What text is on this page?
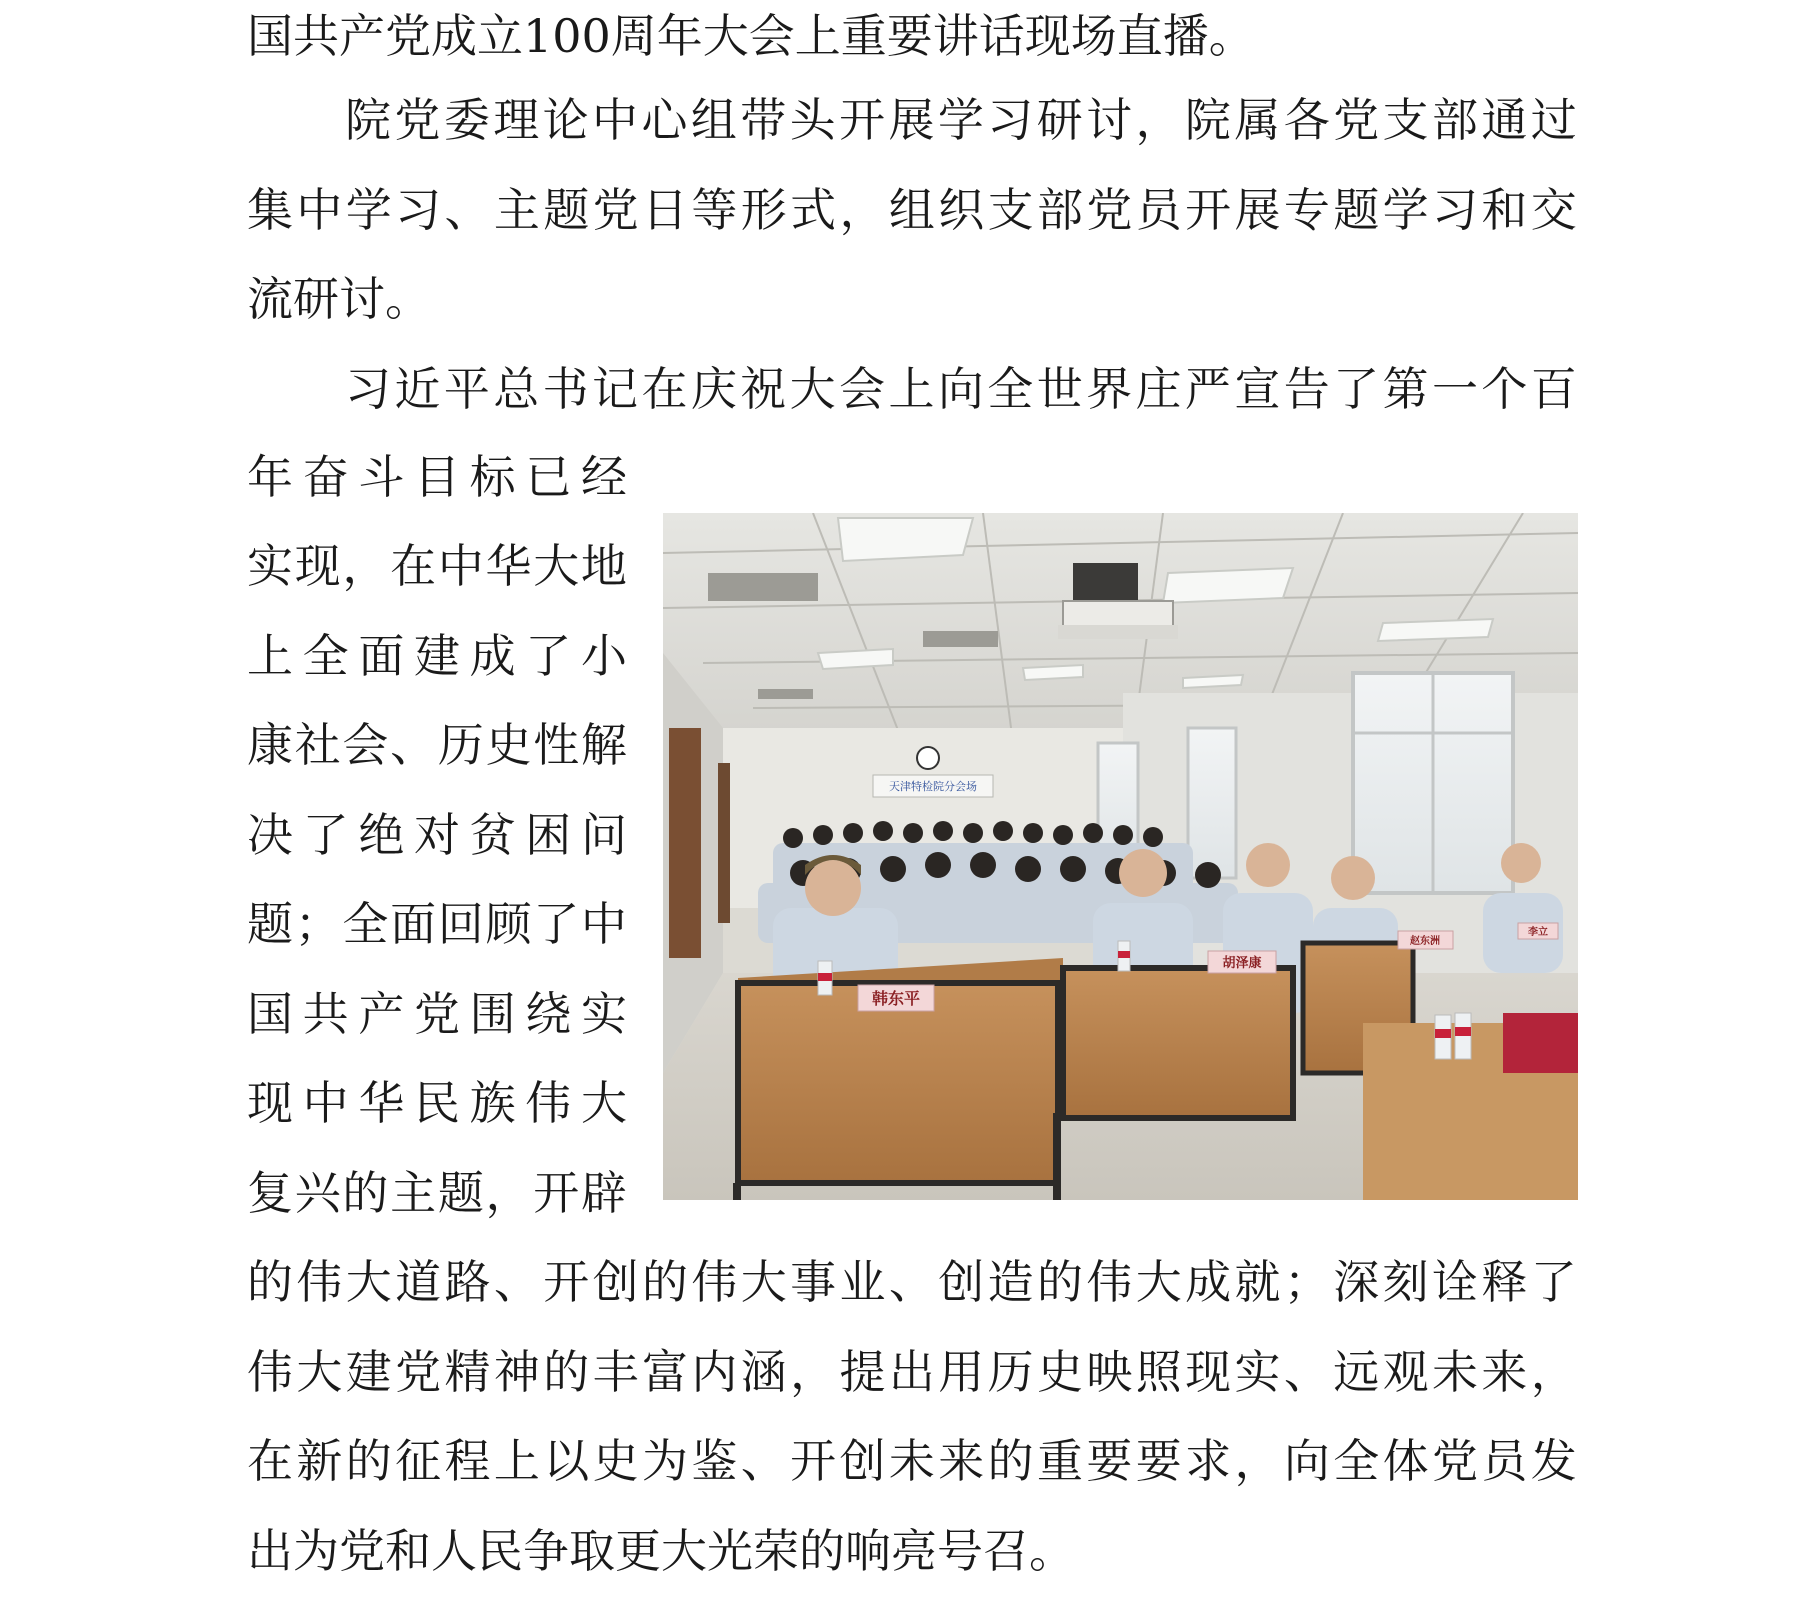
国共产党成立100周年大会上重要讲话现场直播。
院 党 委 理 论 中 心 组 带 头 开 展 学 习 研 讨 ， 院 属 各 党 支 部 通 过
集 中 学 习 、 主 题 党 日 等 形 式 ， 组 织 支 部 党 员 开 展 专 题 学 习 和 交
流研讨。
习 近 平 总 书 记 在 庆 祝 大 会 上 向 全 世 界 庄 严 宣 告 了 第 一 个 百
年 奋 斗 目 标 已 经
实 现 ， 在 中 华 大 地
上 全 面 建 成 了 小
康 社 会 、 历 史 性 解
决 了 绝 对 贫 困 问
题 ； 全 面 回 顾 了 中
国 共 产 党 围 绕 实
现 中 华 民 族 伟 大
复 兴 的 主 题 ， 开 辟
的 伟 大 道 路 、 开 创 的 伟 大 事 业 、 创 造 的 伟 大 成 就 ； 深 刻 诠 释 了
伟 大 建 党 精 神 的 丰 富 内 涵 ， 提 出 用 历 史 映 照 现 实 、 远 观 未 来 ，
在 新 的 征 程 上 以 史 为 鉴 、 开 创 未 来 的 重 要 要 求 ， 向 全 体 党 员 发
出为党和人民争取更大光荣的响亮号召。
天津特检院分会场
韩东平
胡泽康
赵东洲
李立
